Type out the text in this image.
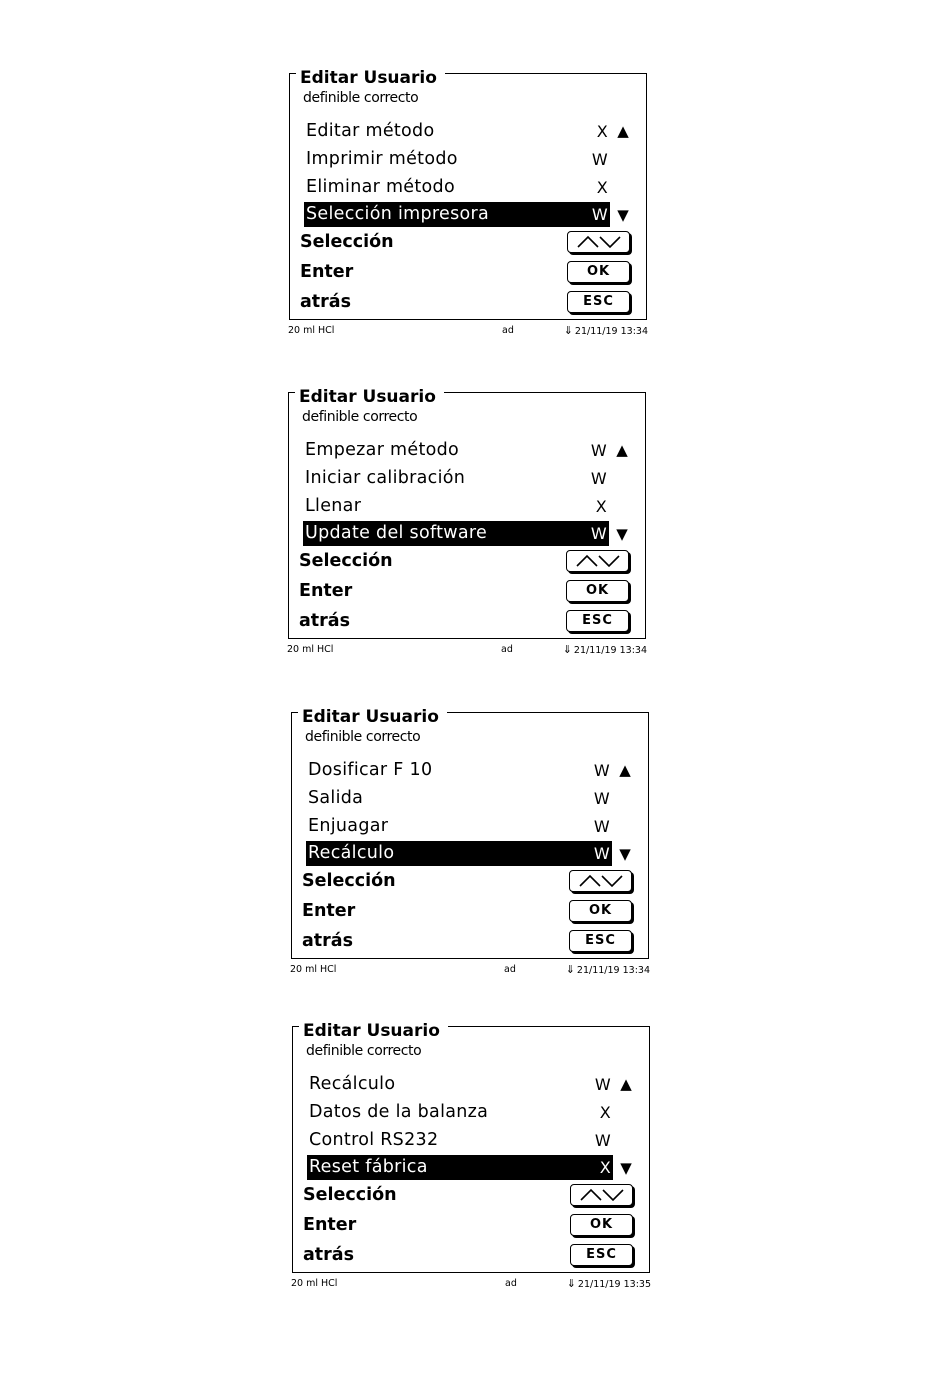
Editar Usuario
definible correcto
Editar método	X ▲
Imprimir método	W
Eliminar método	X
Selección impresora	W ▼
Selección
Enter	OK
atrás	ESC
20 ml HCl	ad	⇓ 21/11/19 13:34
Editar Usuario
definible correcto
Empezar método	W ▲
Iniciar calibración	W
Llenar	X
Update del software	W ▼
Selección
Enter	OK
atrás	ESC
20 ml HCl	ad	⇓ 21/11/19 13:34
Editar Usuario
definible correcto
Dosificar F 10	W ▲
Salida	W
Enjuagar	W
Recálculo	W ▼
Selección
Enter	OK
atrás	ESC
20 ml HCl	ad	⇓ 21/11/19 13:34
Editar Usuario
definible correcto
Recálculo	W ▲
Datos de la balanza	X
Control RS232	W
Reset fábrica	X ▼
Selección
Enter	OK
atrás	ESC
20 ml HCl	ad	⇓ 21/11/19 13:35
